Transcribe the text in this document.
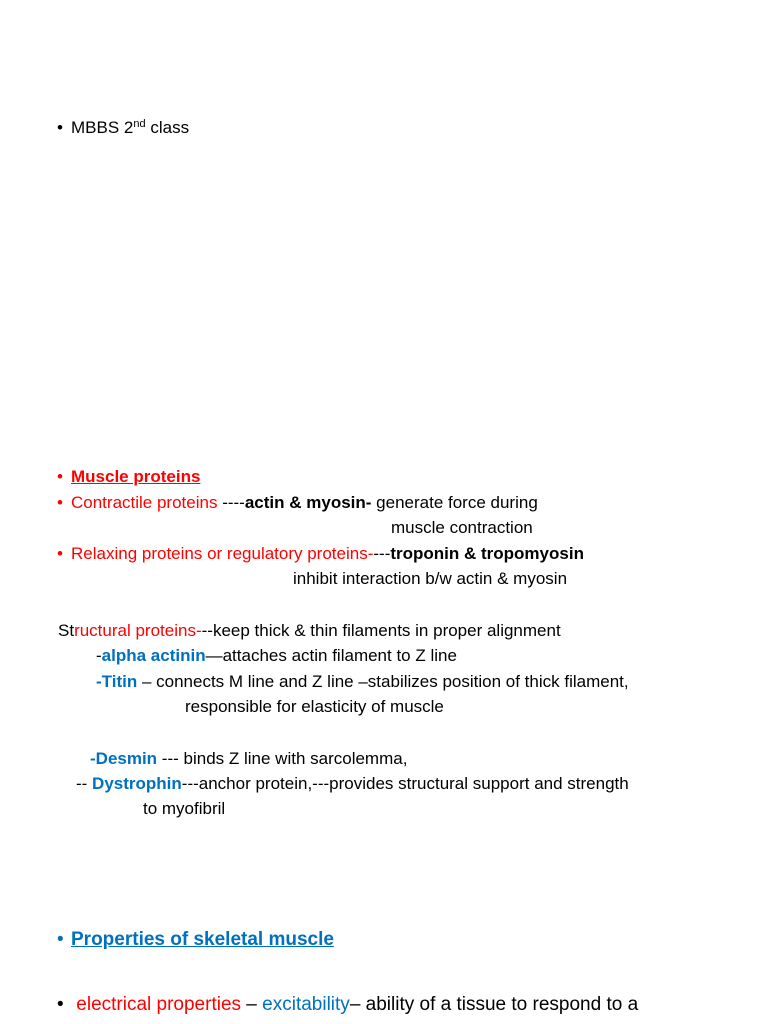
• MBBS 2nd class
• Muscle proteins
• Contractile proteins ----actin & myosin- generate force during
muscle contraction
• Relaxing proteins or regulatory proteins----troponin & tropomyosin
inhibit interaction b/w actin & myosin
Structural proteins---keep thick & thin filaments in proper alignment
-alpha actinin—attaches actin filament to Z line
-Titin – connects M line and Z line –stabilizes position of thick filament,
responsible for elasticity of muscle
-Desmin --- binds Z line with sarcolemma,
-- Dystrophin---anchor protein,---provides structural support and strength
to myofibril
• Properties of skeletal muscle
• electrical properties – excitability– ability of a tissue to respond to a
